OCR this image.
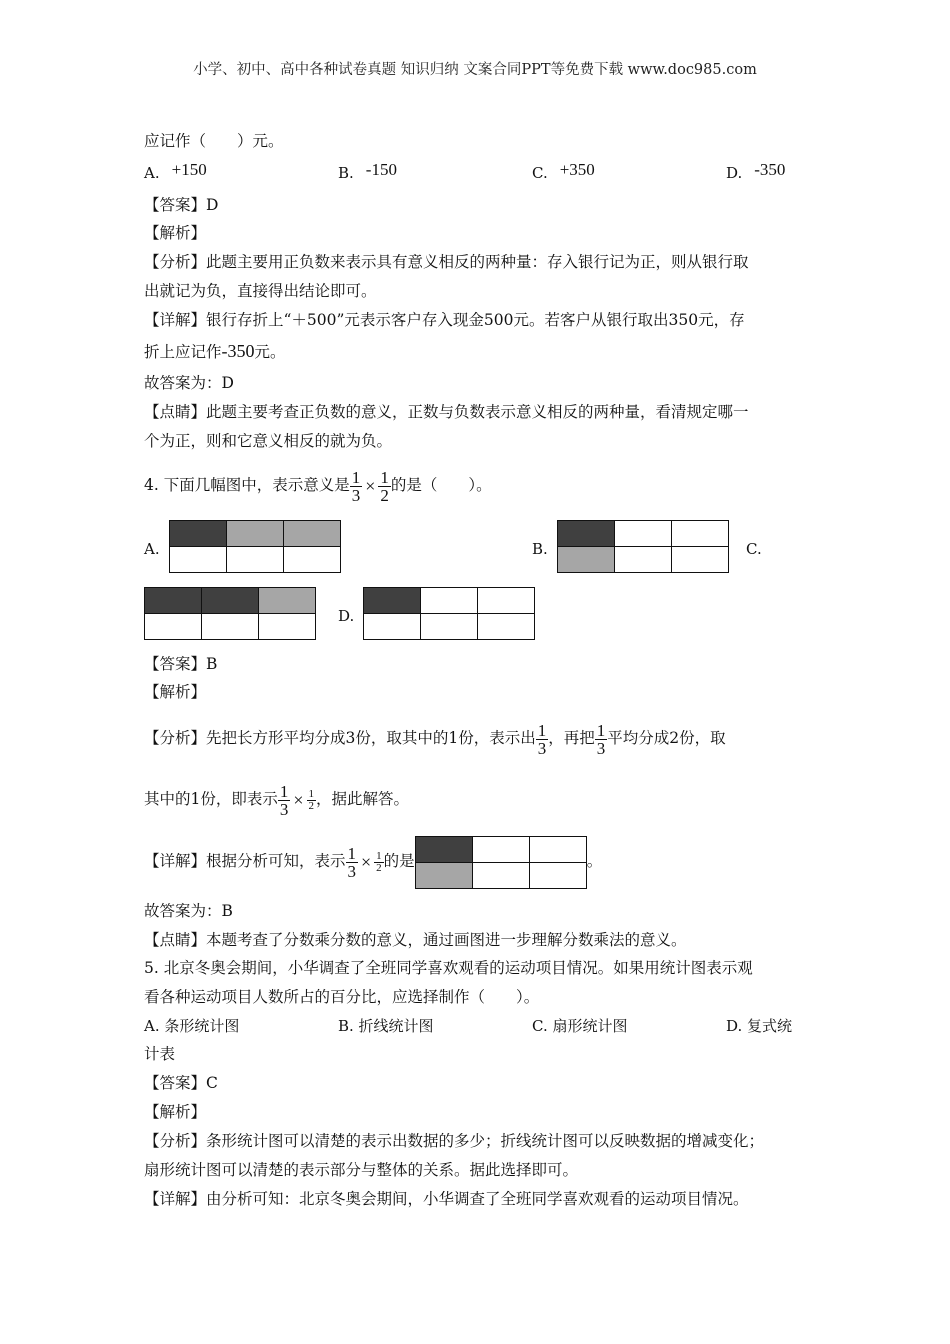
小学、初中、高中各种试卷真题 知识归纳 文案合同PPT等免费下载 www.doc985.com
应记作（　　）元。
A. +150	B. -150	C. +350	D. -350
【答案】D
【解析】
【分析】此题主要用正负数来表示具有意义相反的两种量：存入银行记为正，则从银行取
出就记为负，直接得出结论即可。
【详解】银行存折上“＋500”元表示客户存入现金500元。若客户从银行取出350元，存
折上应记作-350元。
故答案为：D
【点睛】此题主要考查正负数的意义，正数与负数表示意义相反的两种量，看清规定哪一
个为正，则和它意义相反的就为负。
4. 下面几幅图中，表示意义是 $\frac{1}{3} \times \frac{1}{2}$ 的是（　　）。
A.

			B.

			C.

D.

【答案】B
【解析】
【分析】先把长方形平均分成3份，取其中的1份，表示出 $\frac{1}{3}$ ，再把 $\frac{1}{3}$ 平均分成2份，取
其中的1份，即表示 $\frac{1}{3} \times \frac{1}{2}$ ，据此解答。
【详解】根据分析可知，表示 $\frac{1}{3} \times \frac{1}{2}$ 的是		
			。
故答案为：B
【点睛】本题考查了分数乘分数的意义，通过画图进一步理解分数乘法的意义。
5. 北京冬奥会期间，小华调查了全班同学喜欢观看的运动项目情况。如果用统计图表示观
看各种运动项目人数所占的百分比，应选择制作（　　）。
A. 条形统计图	B. 折线统计图	C. 扇形统计图	D. 复式统
计表
【答案】C
【解析】
【分析】条形统计图可以清楚的表示出数据的多少；折线统计图可以反映数据的增减变化；
扇形统计图可以清楚的表示部分与整体的关系。据此选择即可。
【详解】由分析可知：北京冬奥会期间，小华调查了全班同学喜欢观看的运动项目情况。
